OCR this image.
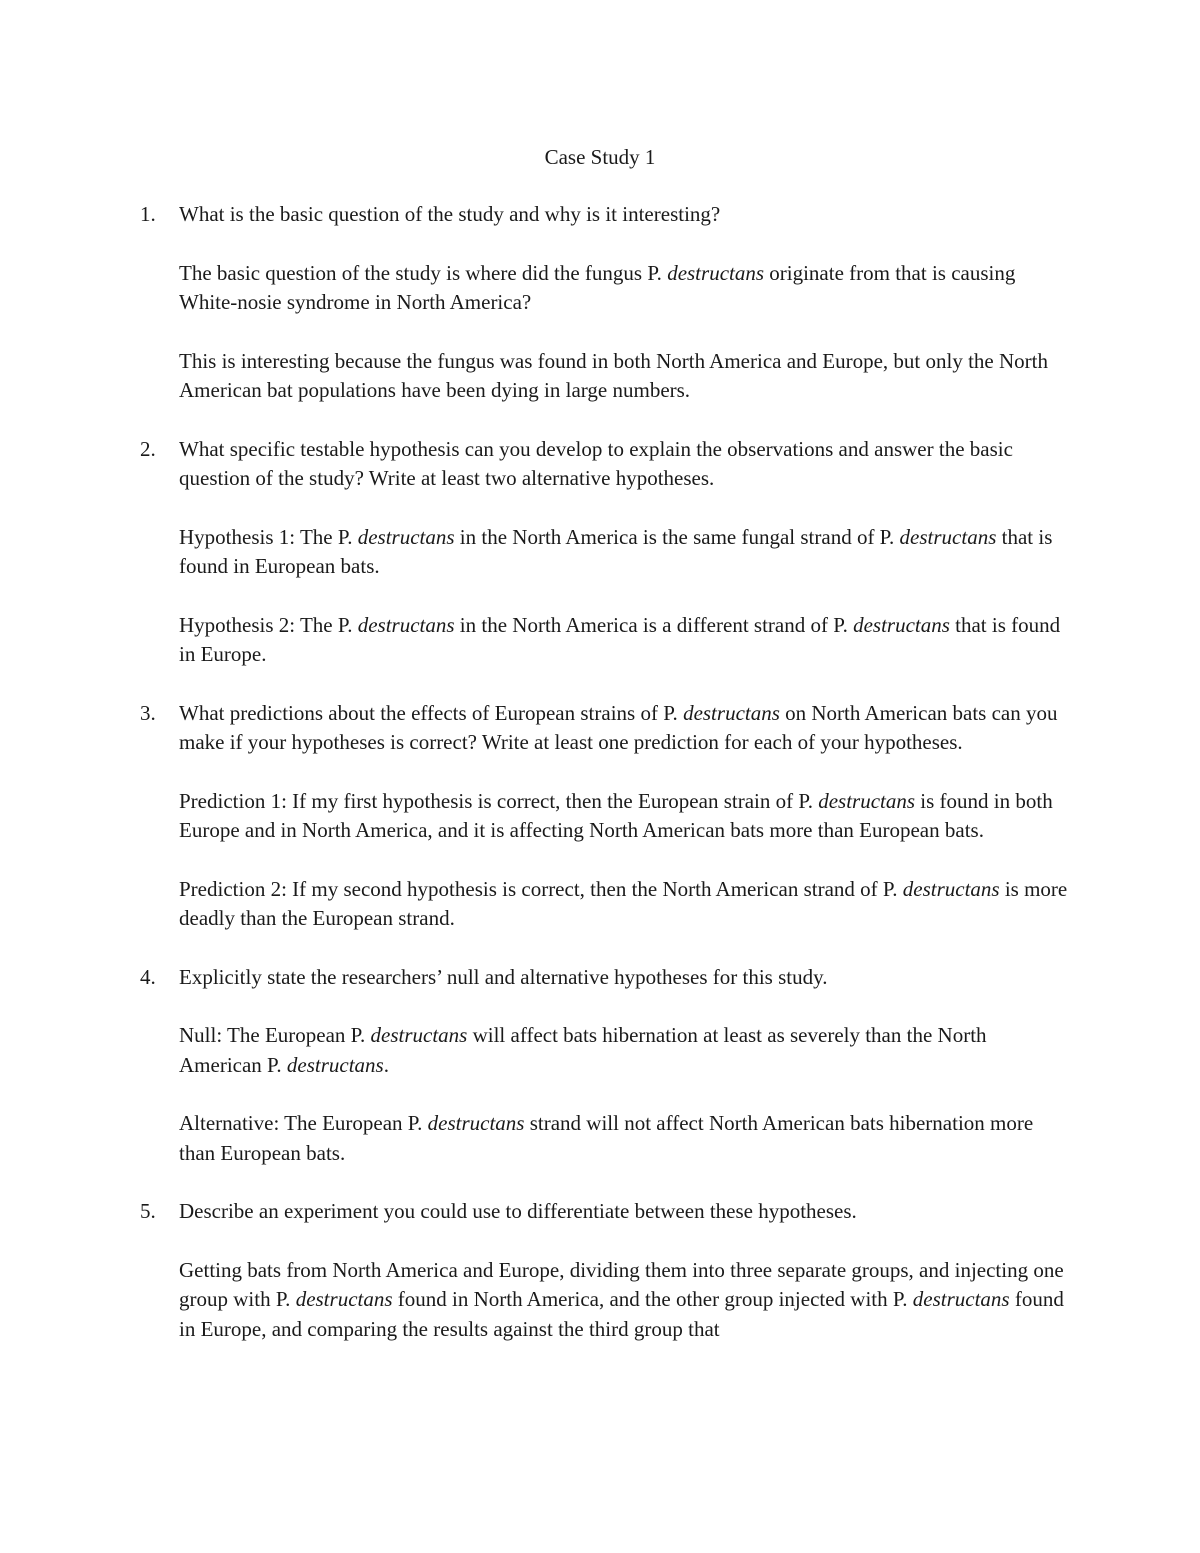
Case Study 1
1. What is the basic question of the study and why is it interesting?

The basic question of the study is where did the fungus P. destructans originate from that is causing White-nosie syndrome in North America?

This is interesting because the fungus was found in both North America and Europe, but only the North American bat populations have been dying in large numbers.

2. What specific testable hypothesis can you develop to explain the observations and answer the basic question of the study? Write at least two alternative hypotheses.

Hypothesis 1: The P. destructans in the North America is the same fungal strand of P. destructans that is found in European bats.

Hypothesis 2: The P. destructans in the North America is a different strand of P. destructans that is found in Europe.

3. What predictions about the effects of European strains of P. destructans on North American bats can you make if your hypotheses is correct? Write at least one prediction for each of your hypotheses.

Prediction 1: If my first hypothesis is correct, then the European strain of P. destructans is found in both Europe and in North America, and it is affecting North American bats more than European bats.

Prediction 2: If my second hypothesis is correct, then the North American strand of P. destructans is more deadly than the European strand.

4. Explicitly state the researchers’ null and alternative hypotheses for this study.

Null: The European P. destructans will affect bats hibernation at least as severely than the North American P. destructans.

Alternative: The European P. destructans strand will not affect North American bats hibernation more than European bats.

5. Describe an experiment you could use to differentiate between these hypotheses.

Getting bats from North America and Europe, dividing them into three separate groups, and injecting one group with P. destructans found in North America, and the other group injected with P. destructans found in Europe, and comparing the results against the third group that
